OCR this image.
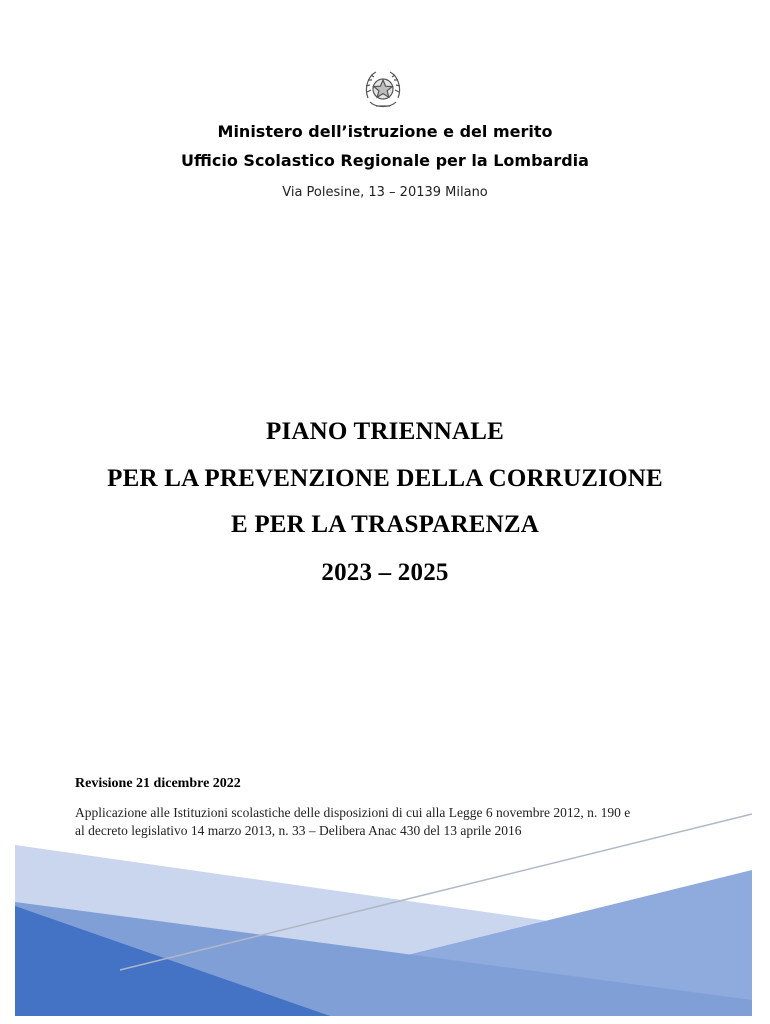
Ministero dell’istruzione e del merito
Ufficio Scolastico Regionale per la Lombardia
Via Polesine, 13 – 20139 Milano
PIANO TRIENNALE
PER LA PREVENZIONE DELLA CORRUZIONE
E PER LA TRASPARENZA
2023 – 2025
Revisione 21 dicembre 2022
Applicazione alle Istituzioni scolastiche delle disposizioni di cui alla Legge 6 novembre 2012, n. 190 e
al decreto legislativo 14 marzo 2013, n. 33 – Delibera Anac 430 del 13 aprile 2016
